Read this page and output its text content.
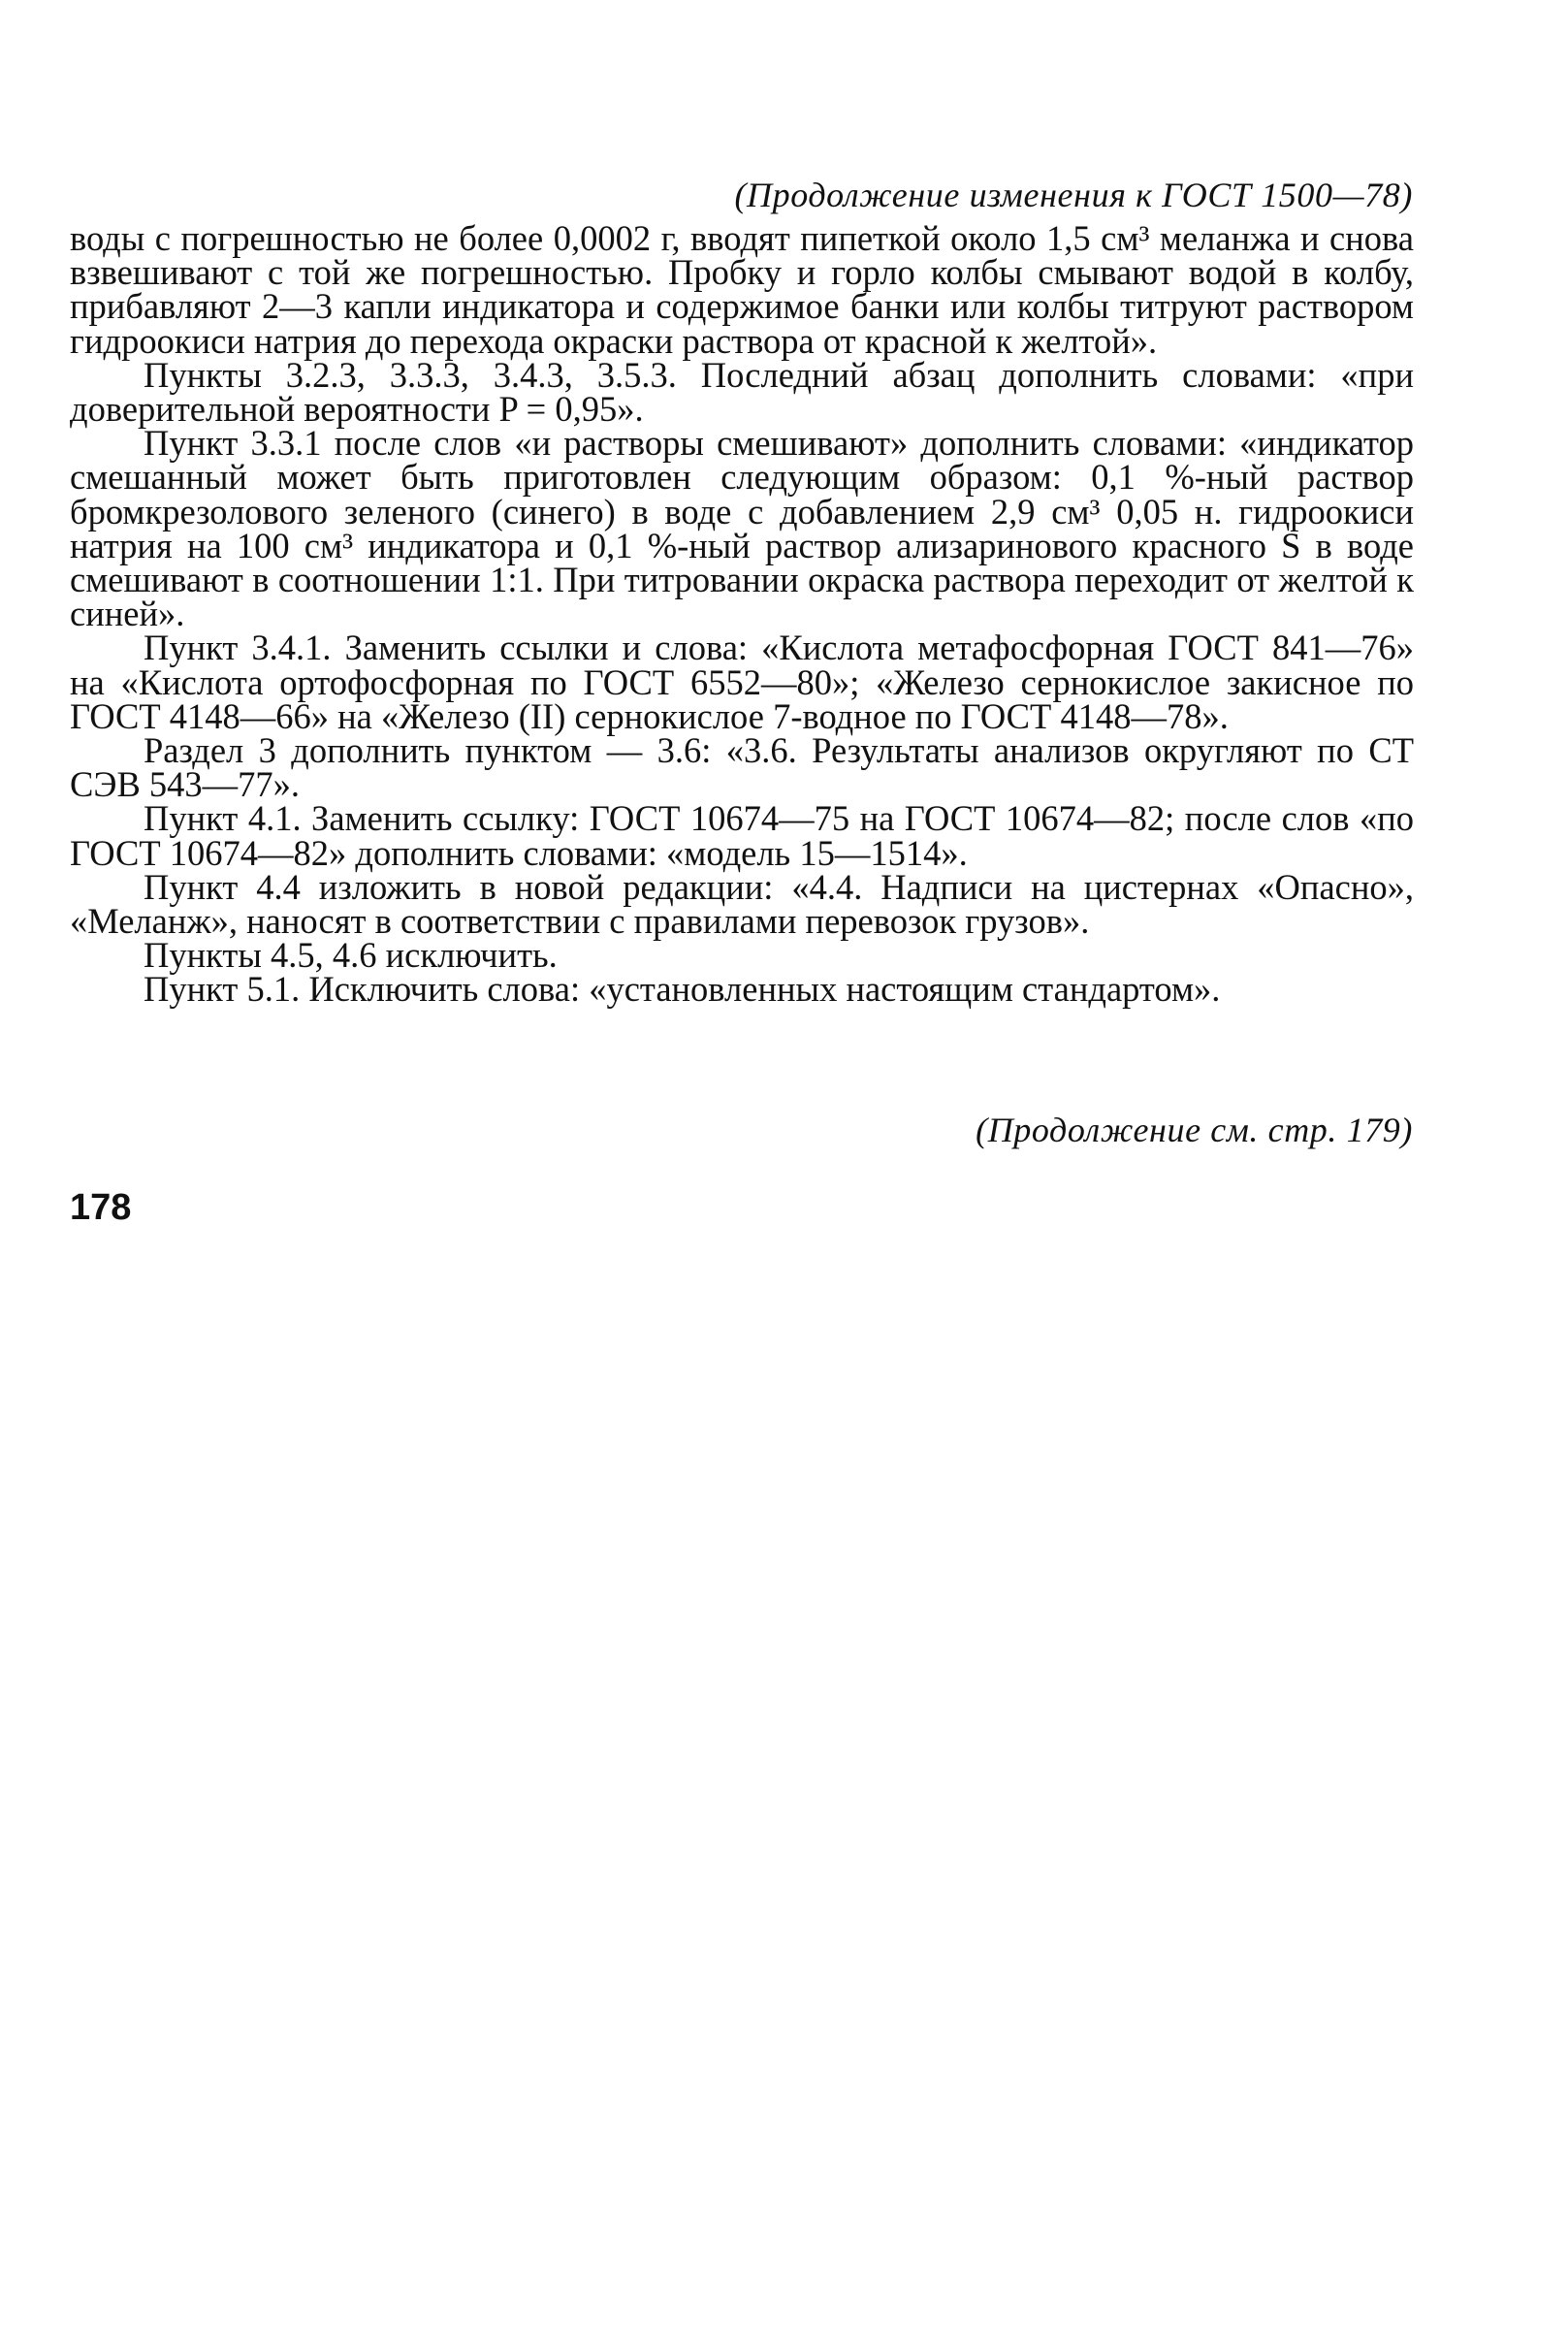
(Продолжение изменения к ГОСТ 1500—78)

воды с погрешностью не более 0,0002 г, вводят пипеткой около 1,5 см³ меланжа и снова взвешивают с той же погрешностью. Пробку и горло колбы смывают водой в колбу, прибавляют 2—3 капли индикатора и содержимое банки или колбы титруют раствором гидроокиси натрия до перехода окраски раствора от красной к желтой».

Пункты 3.2.3, 3.3.3, 3.4.3, 3.5.3. Последний абзац дополнить словами: «при доверительной вероятности P = 0,95».

Пункт 3.3.1 после слов «и растворы смешивают» дополнить словами: «индикатор смешанный может быть приготовлен следующим образом: 0,1 %-ный раствор бромкрезолового зеленого (синего) в воде с добавлением 2,9 см³ 0,05 н. гидроокиси натрия на 100 см³ индикатора и 0,1 %-ный раствор ализаринового красного S в воде смешивают в соотношении 1:1. При титровании окраска раствора переходит от желтой к синей».

Пункт 3.4.1. Заменить ссылки и слова: «Кислота метафосфорная ГОСТ 841—76» на «Кислота ортофосфорная по ГОСТ 6552—80»; «Железо сернокислое закисное по ГОСТ 4148—66» на «Железо (II) сернокислое 7-водное по ГОСТ 4148—78».

Раздел 3 дополнить пунктом — 3.6: «3.6. Результаты анализов округляют по СТ СЭВ 543—77».

Пункт 4.1. Заменить ссылку: ГОСТ 10674—75 на ГОСТ 10674—82; после слов «по ГОСТ 10674—82» дополнить словами: «модель 15—1514».

Пункт 4.4 изложить в новой редакции: «4.4. Надписи на цистернах «Опасно», «Меланж», наносят в соответствии с правилами перевозок грузов».

Пункты 4.5, 4.6 исключить.

Пункт 5.1. Исключить слова: «установленных настоящим стандартом».

(Продолжение см. стр. 179)
178
